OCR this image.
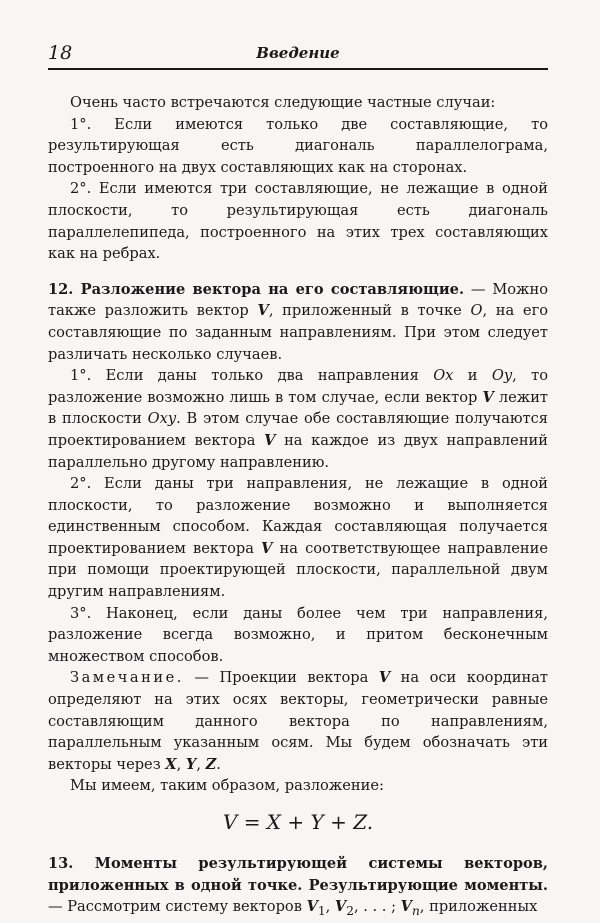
18	Введение

Очень часто встречаются следующие частные случаи:

1°. Если имеются только две составляющие, то результирующая есть диагональ параллелограма, построенного на двух составляющих как на сторонах.

2°. Если имеются три составляющие, не лежащие в одной плоскости, то результирующая есть диагональ параллелепипеда, построенного на этих трех составляющих как на ребрах.

12. Разложение вектора на его составляющие. — Можно также разложить вектор V, приложенный в точке O, на его составляющие по заданным направлениям. При этом следует различать несколько случаев.

1°. Если даны только два направления Ox и Oy, то разложение возможно лишь в том случае, если вектор V лежит в плоскости Oxy. В этом случае обе составляющие получаются проектированием вектора V на каждое из двух направлений параллельно другому направлению.

2°. Если даны три направления, не лежащие в одной плоскости, то разложение возможно и выполняется единственным способом. Каждая составляющая получается проектированием вектора V на соответствующее направление при помощи проектирующей плоскости, параллельной двум другим направлениям.

3°. Наконец, если даны более чем три направления, разложение всегда возможно, и притом бесконечным множеством способов.

Замечание. — Проекции вектора V на оси координат определяют на этих осях векторы, геометрически равные составляющим данного вектора по направлениям, параллельным указанным осям. Мы будем обозначать эти векторы через X, Y, Z.

Мы имеем, таким образом, разложение:

V = X + Y + Z.

13. Моменты результирующей системы векторов, приложенных в одной точке. Результирующие моменты. — Рассмотрим систему векторов $V_1$, $V_2$, . . . ; $V_n$, приложенных
